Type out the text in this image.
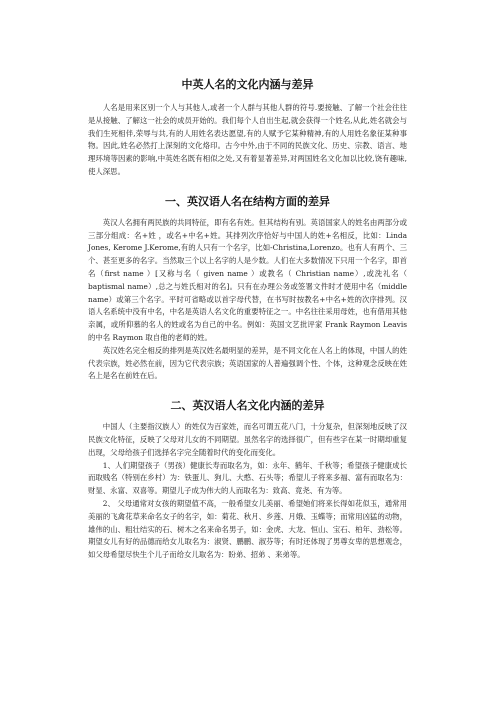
中英人名的文化内涵与差异

人名是用来区别一个人与其他人,或者一个人群与其他人群的符号.要接触、了解一个社会往往是从接触、了解这一社会的成员开始的。我们每个人自出生起,就会获得一个姓名,从此,姓名就会与我们生死相伴,荣辱与共,有的人用姓名表达愿望,有的人赋予它某种精神,有的人用姓名象征某种事物。因此,姓名必然打上深刻的文化烙印。古今中外,由于不同的民族文化、历史、宗教、语言、地理环境等因素的影响,中英姓名既有相似之处,又有着显著差异,对两国姓名文化加以比较,饶有趣味,使人深思。

一、英汉语人名在结构方面的差异

英汉人名拥有两民族的共同特征，即有名有姓。但其结构有别。英语国家人的姓名由两部分或三部分组成：名+姓 ，或名+中名+姓。其排列次序恰好与中国人的姓+名相反，比如：Linda Jones, Kerome J.Kerome,有的人只有一个名字，比如-Christina,Lorenzo。也有人有两个、三个、甚至更多的名字。当然取三个以上名字的人是少数。人们在大多数情况下只用一个名字，即首名（first name ）[又称与名（ given name ）或教名（ Christian name）,或洗礼名（ baptismal name）,总之与姓氏相对的名]。只有在办理公务或签署文件时才使用中名（middle name）或第三个名字。平时可省略或以首字母代替，在书写时按教名+中名+姓的次序排列。汉语人名系统中没有中名，中名是英语人名文化的重要特征之一。中名往往采用母姓，也有借用其他亲属，或所仰慕的名人的姓或名为自己的中名。例如：英国文艺批评家 Frank Raymon Leavis 的中名 Raymon 取自他的老师的姓。

英汉姓名完全相反的排列是英汉姓名最明显的差异，是不同文化在人名上的体现，中国人的姓代表宗族，姓必然在前，因为它代表宗族；英语国家的人普遍强调个性、个体，这种观念反映在姓名上是名在前姓在后。

二、英汉语人名文化内涵的差异

中国人（主要指汉族人）的姓仅为百家姓，而名可谓五花八门，十分复杂，但深刻地反映了汉民族文化特征，反映了父母对儿女的不同期望。虽然名字的选择很广，但有些字在某一时期却重复出现，父母给孩子们选择名字完全随着时代的变化而变化。

1、人们期望孩子（男孩）健康长寿而取名为，如：永年、鹤年、千秋等；希望孩子健康成长而取贱名（特别在乡村）为：铁蛋儿、狗儿、大憨、石头等；希望儿子将来多福、富有而取名为：财显、永富、双喜等。期望儿子成为伟大的人而取名为：致高、竟尧、有为等。

2、 父母通常对女孩的期望值不高，一般希望女儿美丽、希望她们将来长得如花似玉，通常用美丽的飞禽花草来命名女子的名字，如：菊花、秋月、乡莲、月娥、玉蝶等；而常用凶猛的动物，雄伟的山、粗壮结实的石、树木之名来命名男子，如：金虎、大龙、恒山、宝石、柏年、劲松等。期望女儿有好的品德而给女儿取名为：淑贤、鹏鹏、淑芬等；有时还体现了男尊女卑的思想观念，如父母希望尽快生个儿子而给女儿取名为：盼弟、招弟 、来弟等。
